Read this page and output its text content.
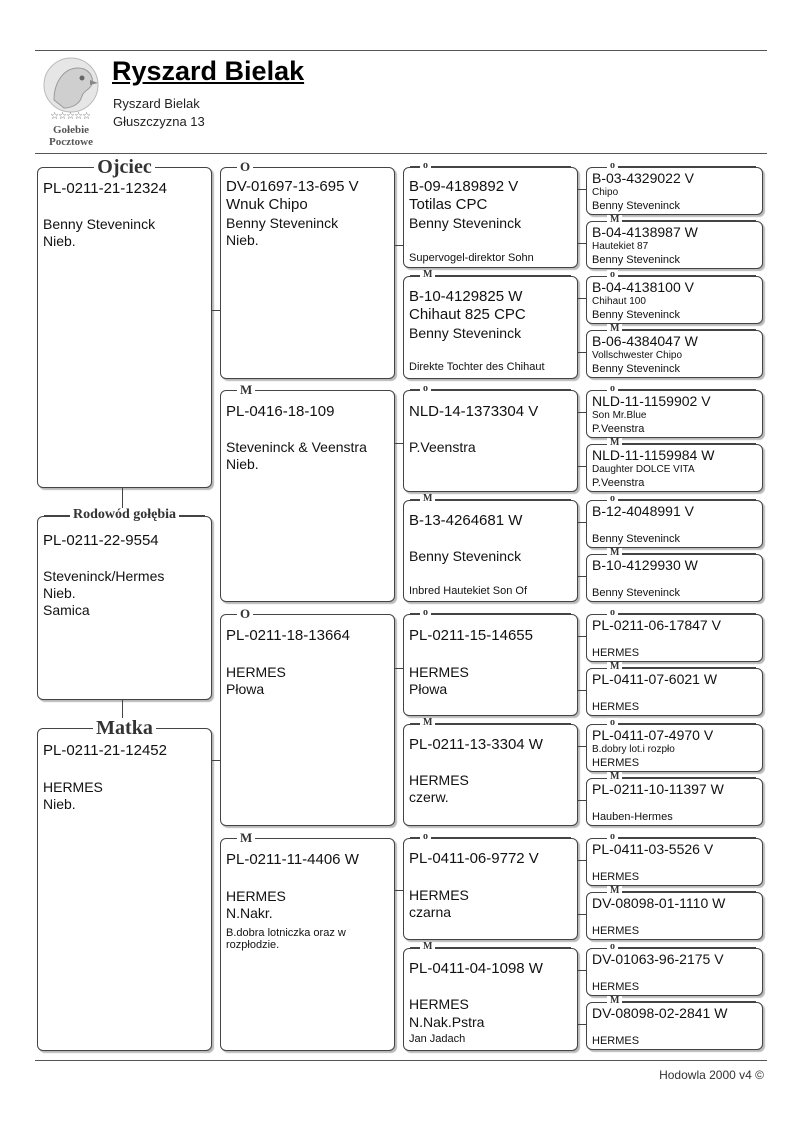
☆☆☆☆☆
Gołebie
Pocztowe
Ryszard Bielak
Ryszard Bielak
Głuszczyzna 13
Ojciec
PL-0211-21-12324
Benny Steveninck
Nieb.
Rodowód gołębia
PL-0211-22-9554
Steveninck/Hermes
Nieb.
Samica
Matka
PL-0211-21-12452
HERMES
Nieb.
O
DV-01697-13-695 V
Wnuk Chipo
Benny Steveninck
Nieb.
M
PL-0416-18-109
Steveninck & Veenstra
Nieb.
O
PL-0211-18-13664
HERMES
Płowa
M
PL-0211-11-4406 W
HERMES
N.Nakr.
B.dobra lotniczka oraz w
rozpłodzie.
o
B-09-4189892 V
Totilas CPC
Benny Steveninck
Supervogel-direktor Sohn
M
B-10-4129825 W
Chihaut 825 CPC
Benny Steveninck
Direkte Tochter des Chihaut
o
NLD-14-1373304 V
P.Veenstra
M
B-13-4264681 W
Benny Steveninck
Inbred Hautekiet Son Of
o
PL-0211-15-14655
HERMES
Płowa
M
PL-0211-13-3304 W
HERMES
czerw.
o
PL-0411-06-9772 V
HERMES
czarna
M
PL-0411-04-1098 W
HERMES
N.Nak.Pstra
Jan Jadach
o
B-03-4329022 V
Chipo
Benny Steveninck
M
B-04-4138987 W
Hautekiet 87
Benny Steveninck
o
B-04-4138100 V
Chihaut 100
Benny Steveninck
M
B-06-4384047 W
Vollschwester Chipo
Benny Steveninck
o
NLD-11-1159902 V
Son Mr.Blue
P.Veenstra
M
NLD-11-1159984 W
Daughter DOLCE VITA
P.Veenstra
o
B-12-4048991 V
Benny Steveninck
M
B-10-4129930 W
Benny Steveninck
o
PL-0211-06-17847 V
HERMES
M
PL-0411-07-6021 W
HERMES
o
PL-0411-07-4970 V
B.dobry lot.i rozpło
HERMES
M
PL-0211-10-11397 W
Hauben-Hermes
o
PL-0411-03-5526 V
HERMES
M
DV-08098-01-1110 W
HERMES
o
DV-01063-96-2175 V
HERMES
M
DV-08098-02-2841 W
HERMES
Hodowla 2000 v4 ©
